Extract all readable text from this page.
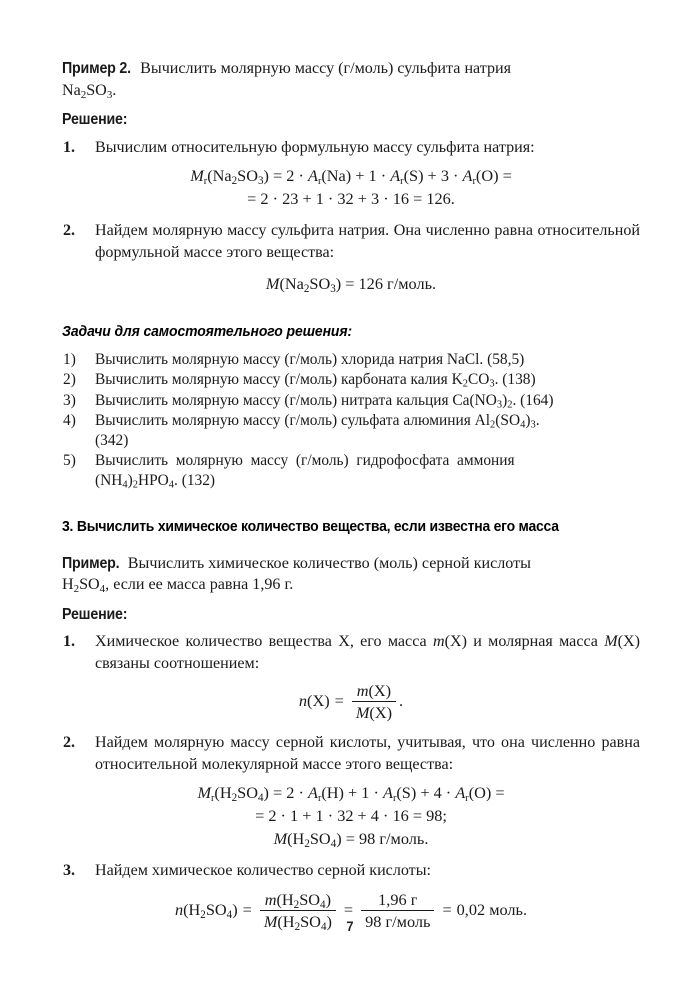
Пример 2. Вычислить молярную массу (г/моль) сульфита натрия
$Na_2SO_3$.

Решение:

1. Вычислим относительную формульную массу сульфита натрия:
$Mr(Na_2SO_3) = 2 \cdot Ar(Na) + 1 \cdot Ar(S) + 3 \cdot Ar(O)$ =
= 2 · 23 + 1 · 32 + 3 · 16 = 126.
2. Найдем молярную массу сульфита натрия. Она численно равна относительной формульной массе этого вещества:
$M(Na_2SO_3) = 126$ г/моль.

Задачи для самостоятельного решения:

1) Вычислить молярную массу (г/моль) хлорида натрия NaCl. (58,5)
2) Вычислить молярную массу (г/моль) карбоната калия $K_2CO_3$. (138)
3) Вычислить молярную массу (г/моль) нитрата кальция $Ca(NO_3)_2$. (164)
4) Вычислить молярную массу (г/моль) сульфата алюминия $Al_2(SO_4)_3$.
(342)
5) Вычислить  молярную  массу  (г/моль)  гидрофосфата  аммония
$(NH_4)_2HPO_4$. (132)
3. Вычислить химическое количество вещества, если известна его масса

Пример. Вычислить химическое количество (моль) серной кислоты
$H_2SO_4$, если ее масса равна 1,96 г.

Решение:

1. Химическое количество вещества X, его масса m(X) и молярная масса M(X) связаны соотношением:
$n(X) = \frac{m(X)}{M(X)}$ .
2. Найдем молярную массу серной кислоты, учитывая, что она численно равна относительной молекулярной массе этого вещества:
$Mr(H_2SO_4) = 2 \cdot Ar(H) + 1 \cdot Ar(S) + 4 \cdot Ar(O)$ =
= 2 · 1 + 1 · 32 + 4 · 16 = 98;
$M(H_2SO_4) = 98$ г/моль.
3. Найдем химическое количество серной кислоты:
$n(H_2SO_4) = \frac{m(H_2SO_4)}{M(H_2SO_4)} = \frac{1,96 г}{\text{98 г/моль}} = 0,02$ моль.
7
